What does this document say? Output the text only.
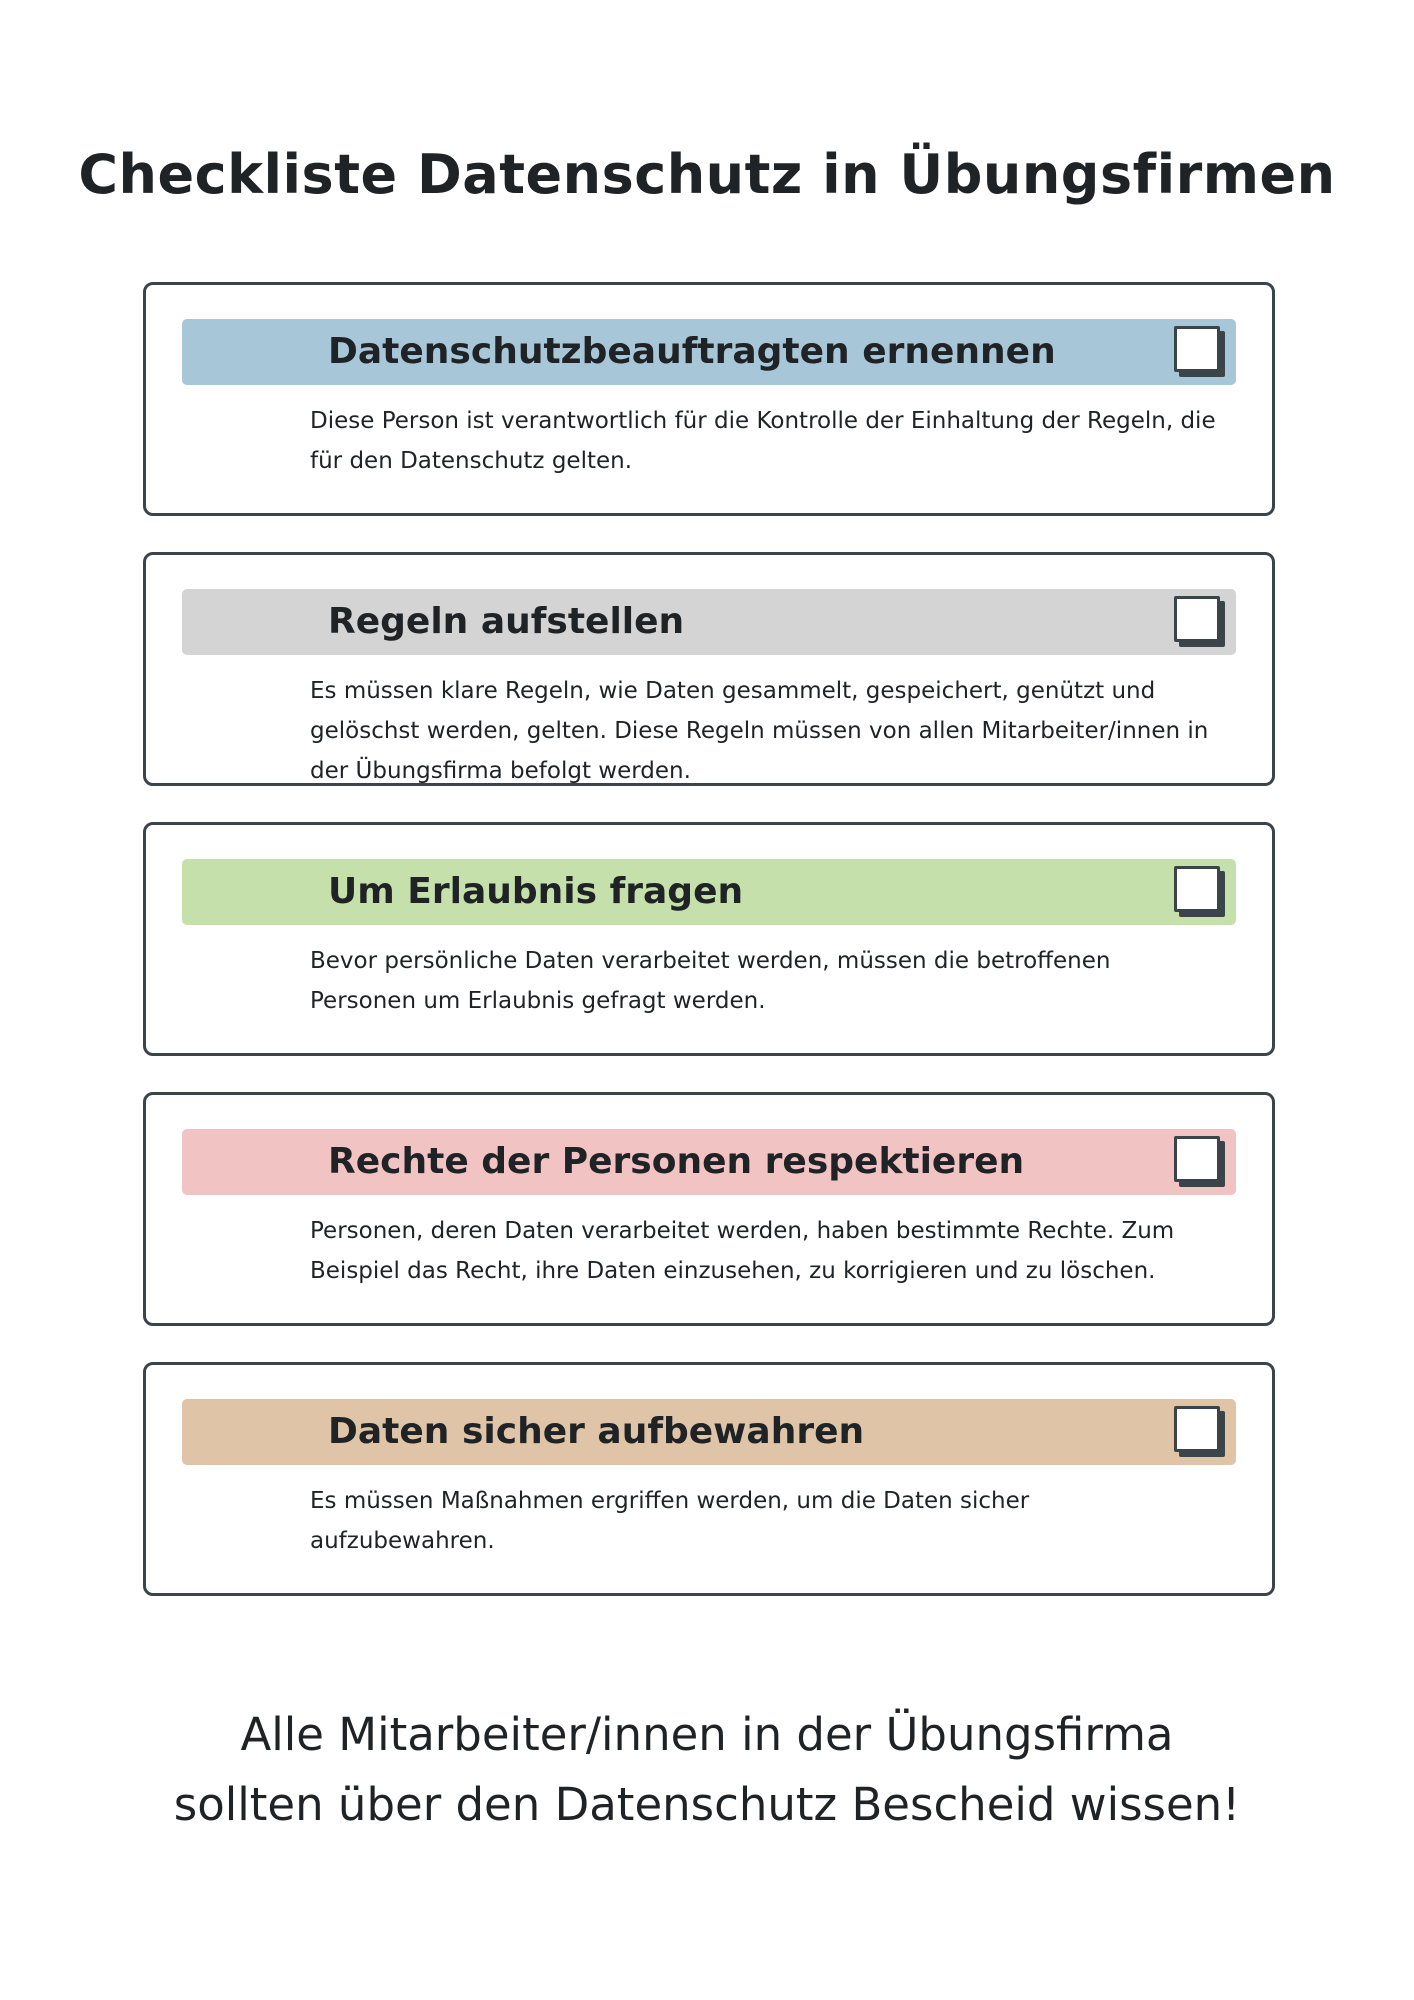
Checkliste Datenschutz in Übungsfirmen
Datenschutzbeauftragten ernennen
Diese Person ist verantwortlich für die Kontrolle der Einhaltung der Regeln, die für den Datenschutz gelten.
Regeln aufstellen
Es müssen klare Regeln, wie Daten gesammelt, gespeichert, genützt und gelöschst werden, gelten. Diese Regeln müssen von allen Mitarbeiter/innen in der Übungsfirma befolgt werden.
Um Erlaubnis fragen
Bevor persönliche Daten verarbeitet werden, müssen die betroffenen Personen um Erlaubnis gefragt werden.
Rechte der Personen respektieren
Personen, deren Daten verarbeitet werden, haben bestimmte Rechte. Zum Beispiel das Recht, ihre Daten einzusehen, zu korrigieren und zu löschen.
Daten sicher aufbewahren
Es müssen Maßnahmen ergriffen werden, um die Daten sicher aufzubewahren.
Alle Mitarbeiter/innen in der Übungsfirma
sollten über den Datenschutz Bescheid wissen!
